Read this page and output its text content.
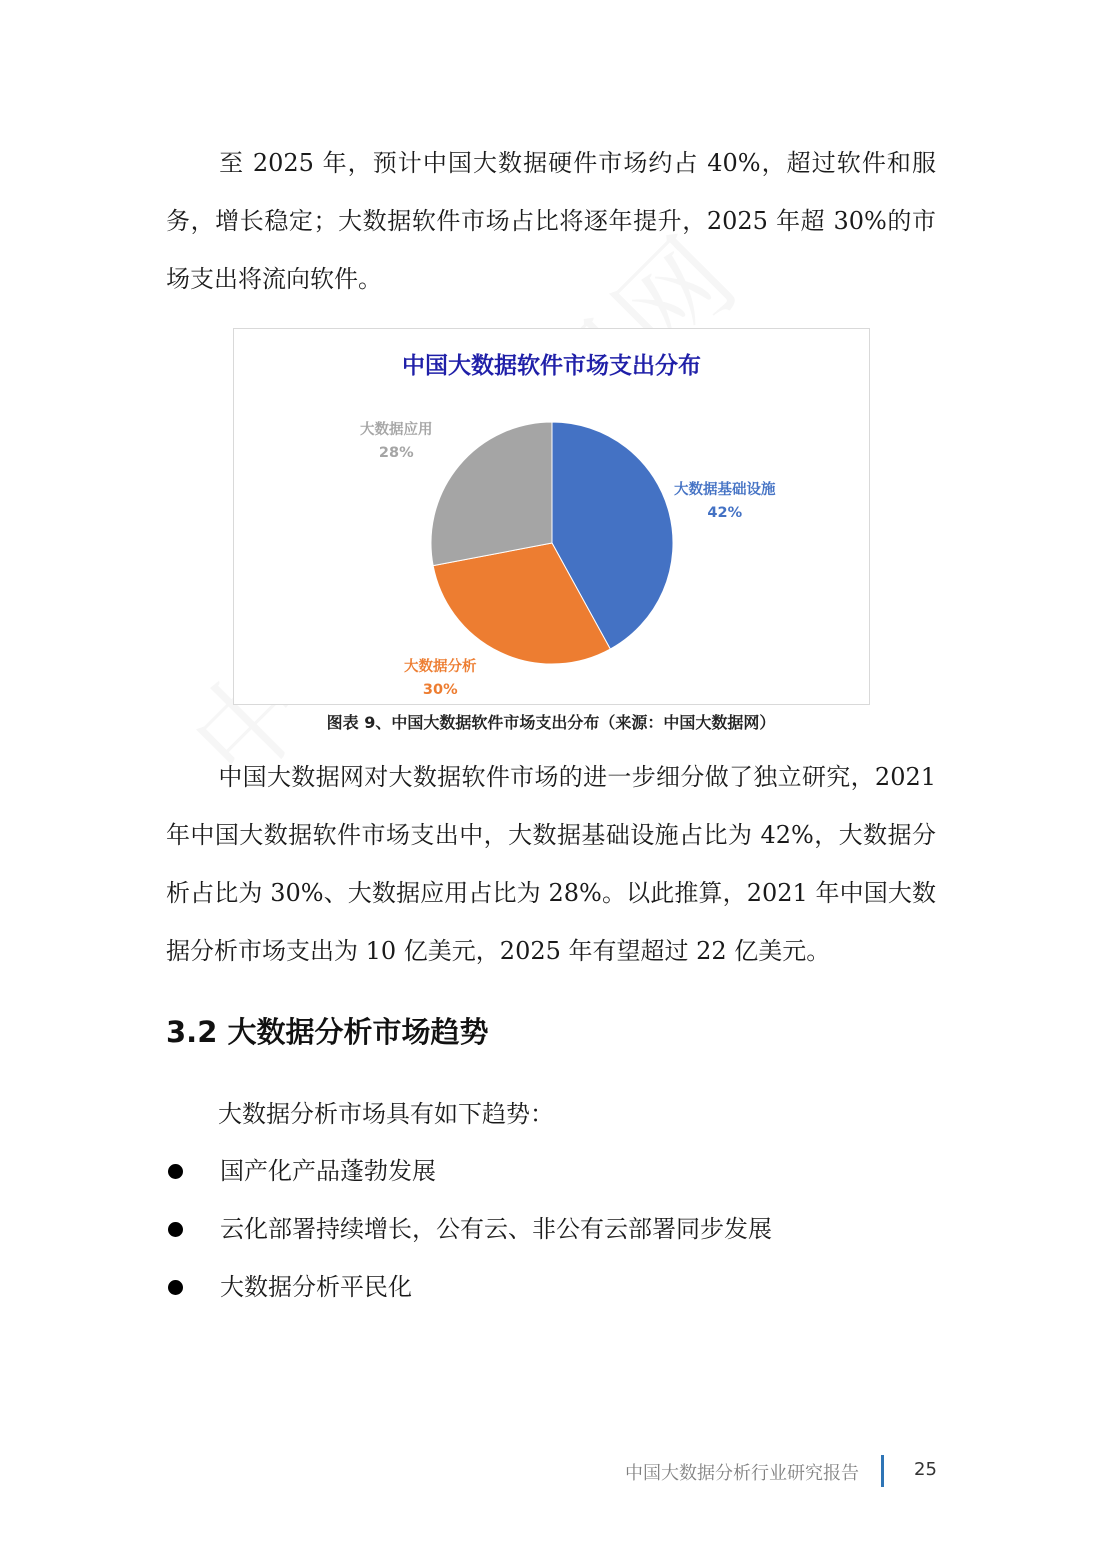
至 2025 年，预计中国大数据硬件市场约占 40%，超过软件和服务，增长稳定；大数据软件市场占比将逐年提升，2025 年超 30%的市场支出将流向软件。

中国大数据软件市场支出分布
大数据基础设施
42%
大数据分析
30%
大数据应用
28%
图表 9、中国大数据软件市场支出分布（来源：中国大数据网）

中国大数据网对大数据软件市场的进一步细分做了独立研究，2021 年中国大数据软件市场支出中，大数据基础设施占比为 42%，大数据分析占比为 30%、大数据应用占比为 28%。以此推算，2021 年中国大数据分析市场支出为 10 亿美元，2025 年有望超过 22 亿美元。

3.2 大数据分析市场趋势

大数据分析市场具有如下趋势：

国产化产品蓬勃发展
云化部署持续增长，公有云、非公有云部署同步发展
大数据分析平民化
中国大数据分析行业研究报告	25
